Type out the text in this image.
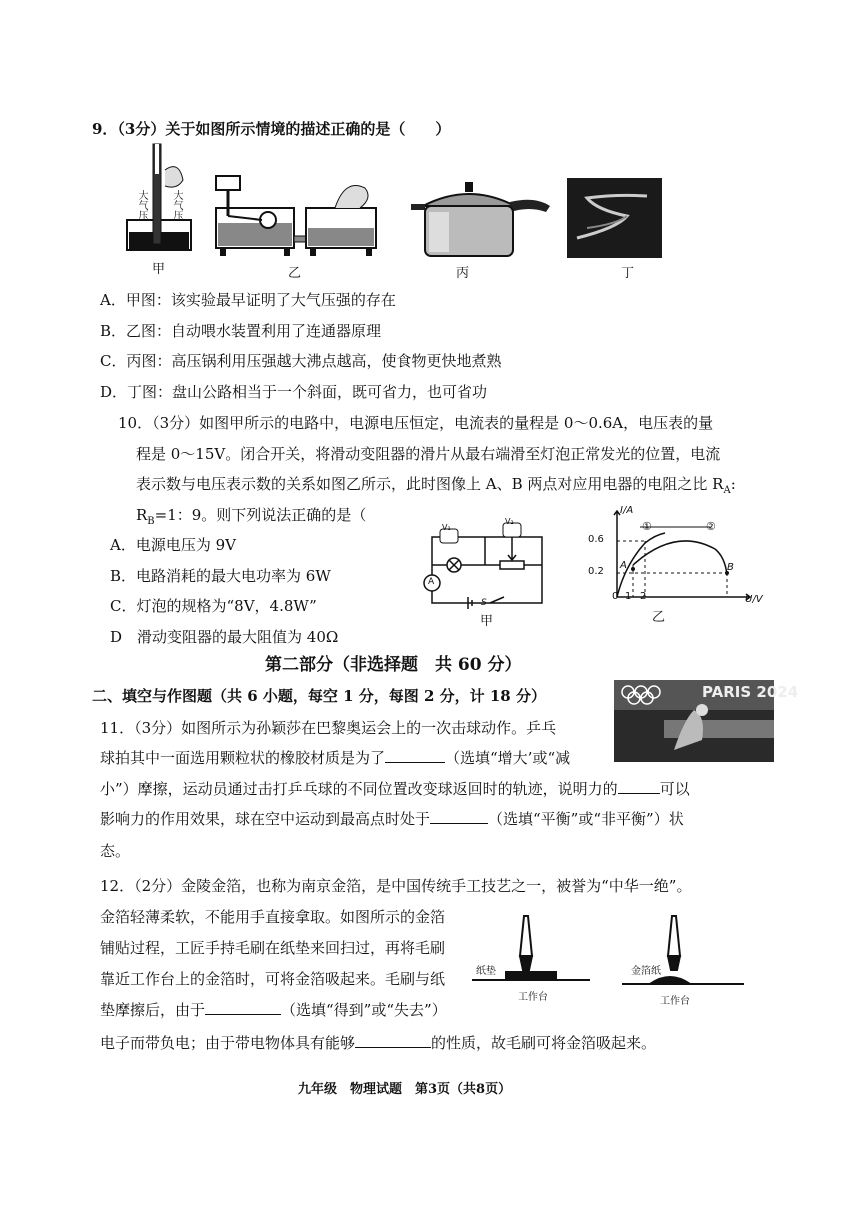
9．（3分）关于如图所示情境的描述正确的是（　　）
大气压 大气压
甲	乙	丙	丁
A．甲图：该实验最早证明了大气压强的存在
B．乙图：自动喂水装置利用了连通器原理
C．丙图：高压锅利用压强越大沸点越高，使食物更快地煮熟
D．丁图：盘山公路相当于一个斜面，既可省力，也可省功
10．（3分）如图甲所示的电路中，电源电压恒定，电流表的量程是 0～0.6A，电压表的量
程是 0～15V。闭合开关，将滑动变阻器的滑片从最右端滑至灯泡正常发光的位置，电流
表示数与电压表示数的关系如图乙所示，此时图像上 A、B 两点对应用电器的电阻之比 $R_A$:
$R_B=1$：9。则下列说法正确的是（
A．电源电压为 9V
B．电路消耗的最大电功率为 6W
C．灯泡的规格为“8V，4.8W”
D　滑动变阻器的最大阻值为 40Ω
V₁
V₂
A
S
甲
I/A
0.6
0.2
0 1 2	U/V
A	B
①	②
乙
第二部分（非选择题　共 60 分）
二、填空与作图题（共 6 小题，每空 1 分，每图 2 分，计 18 分）	PARIS 2024
11．（3分）如图所示为孙颖莎在巴黎奥运会上的一次击球动作。乒乓
球拍其中一面选用颗粒状的橡胶材质是为了	（选填“增大’或“减
小”）摩擦，运动员通过击打乒乓球的不同位置改变球返回时的轨迹，说明力的	可以
影响力的作用效果，球在空中运动到最高点时处于	（选填“平衡”或“非平衡”）状
态。
12．（2分）金陵金箔，也称为南京金箔，是中国传统手工技艺之一，被誉为“中华一绝”。
金箔轻薄柔软，不能用手直接拿取。如图所示的金箔
铺贴过程，工匠手持毛刷在纸垫来回扫过，再将毛刷
靠近工作台上的金箔时，可将金箔吸起来。毛刷与纸
垫摩擦后，由于	（选填“得到”或“失去”）
电子而带负电；由于带电物体具有能够	的性质，故毛刷可将金箔吸起来。
纸垫	金箔纸
工作台	工作台
九年级　物理试题　第3页（共8页）
